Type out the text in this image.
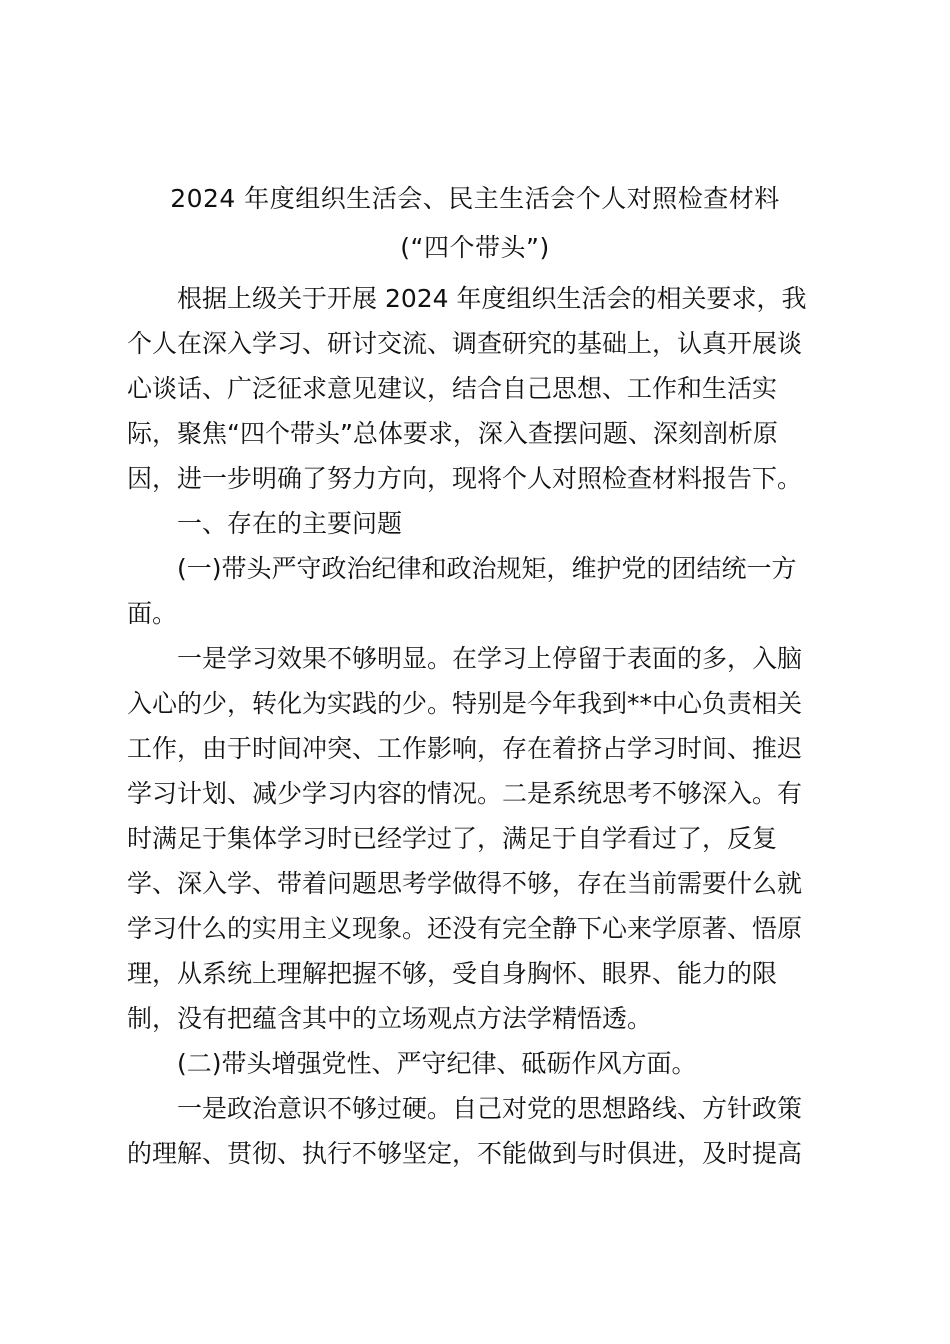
2024 年度组织生活会、民主生活会个人对照检查材料
(“四个带头”)
根据上级关于开展 2024 年度组织生活会的相关要求，我
个人在深入学习、研讨交流、调查研究的基础上，认真开展谈
心谈话、广泛征求意见建议，结合自己思想、工作和生活实
际，聚焦“四个带头”总体要求，深入查摆问题、深刻剖析原
因，进一步明确了努力方向，现将个人对照检查材料报告下。
一、存在的主要问题
(一)带头严守政治纪律和政治规矩，维护党的团结统一方
面。
一是学习效果不够明显。在学习上停留于表面的多，入脑
入心的少，转化为实践的少。特别是今年我到**中心负责相关
工作，由于时间冲突、工作影响，存在着挤占学习时间、推迟
学习计划、减少学习内容的情况。二是系统思考不够深入。有
时满足于集体学习时已经学过了，满足于自学看过了，反复
学、深入学、带着问题思考学做得不够，存在当前需要什么就
学习什么的实用主义现象。还没有完全静下心来学原著、悟原
理，从系统上理解把握不够，受自身胸怀、眼界、能力的限
制，没有把蕴含其中的立场观点方法学精悟透。
(二)带头增强党性、严守纪律、砥砺作风方面。
一是政治意识不够过硬。自己对党的思想路线、方针政策
的理解、贯彻、执行不够坚定，不能做到与时俱进，及时提高
